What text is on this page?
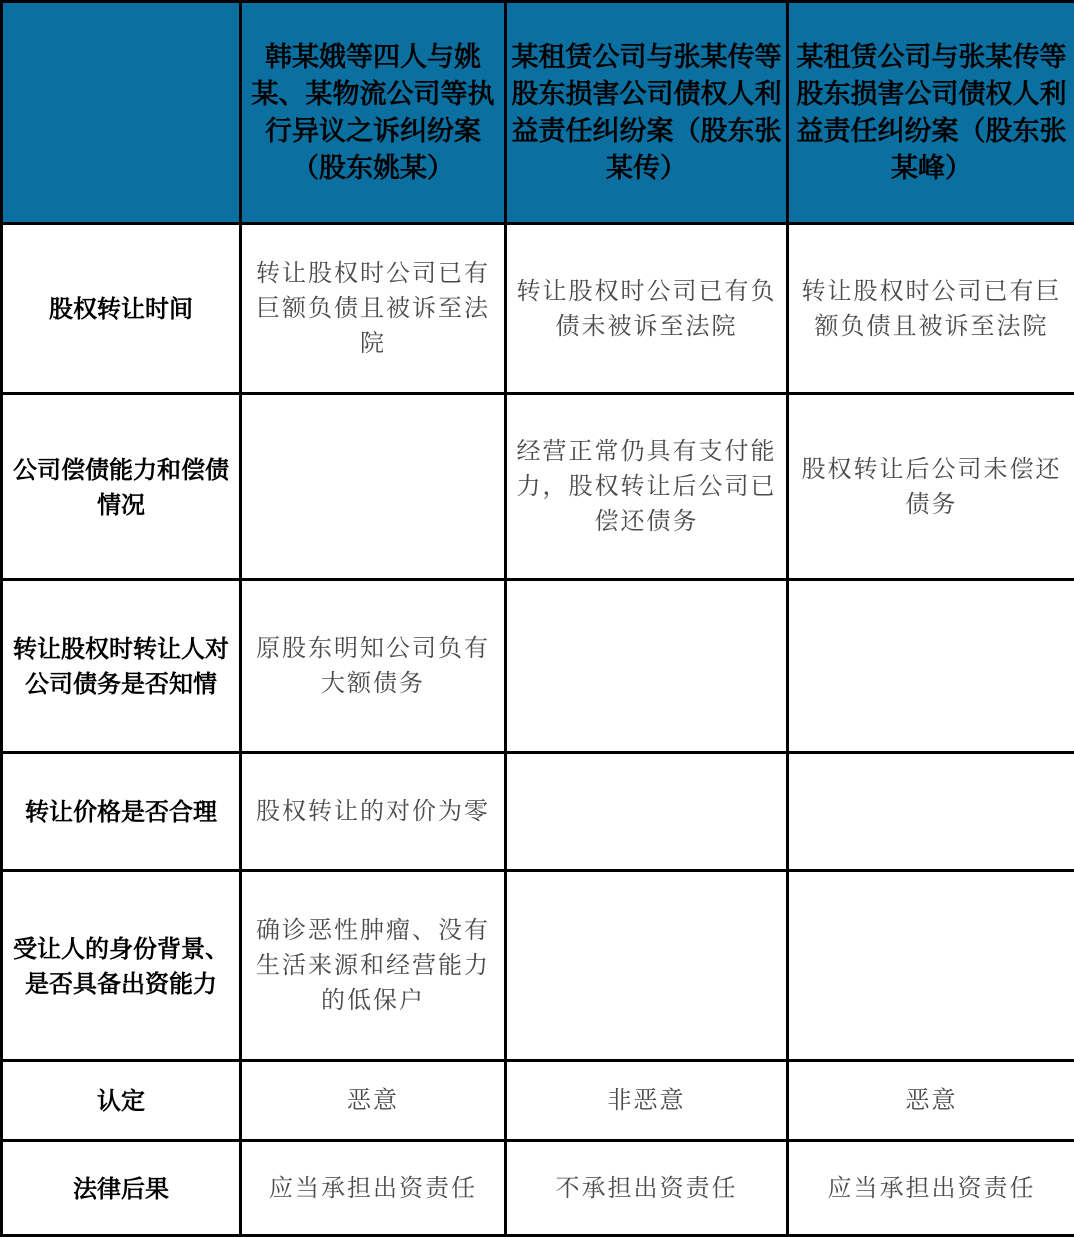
	韩某娥等四人与姚某、某物流公司等执行异议之诉纠纷案（股东姚某）	某租赁公司与张某传等股东损害公司债权人利益责任纠纷案（股东张某传）	某租赁公司与张某传等股东损害公司债权人利益责任纠纷案（股东张某峰）
股权转让时间	转让股权时公司已有巨额负债且被诉至法院	转让股权时公司已有负债未被诉至法院	转让股权时公司已有巨额负债且被诉至法院
公司偿债能力和偿债情况		经营正常仍具有支付能力，股权转让后公司已偿还债务	股权转让后公司未偿还债务
转让股权时转让人对公司债务是否知情	原股东明知公司负有大额债务		
转让价格是否合理	股权转让的对价为零		
受让人的身份背景、是否具备出资能力	确诊恶性肿瘤、没有生活来源和经营能力的低保户		
认定	恶意	非恶意	恶意
法律后果	应当承担出资责任	不承担出资责任	应当承担出资责任
